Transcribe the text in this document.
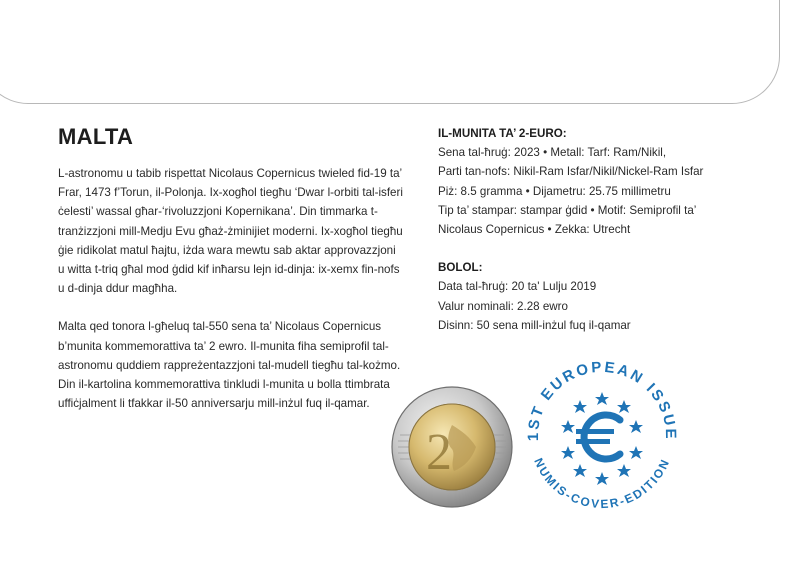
MALTA

L-astronomu u tabib rispettat Nicolaus Copernicus twieled fid-19 ta’ Frar, 1473 f’Torun, il-Polonja. Ix-xogħol tiegħu ‘Dwar l-orbiti tal-isferi ċelesti’ wassal għar-‘rivoluzzjoni Kopernikana’. Din timmarka t-tranżizzjoni mill-Medju Evu għaż-żminijiet moderni. Ix-xogħol tiegħu ġie ridikolat matul ħajtu, iżda wara mewtu sab aktar approvazzjoni u witta t-triq għal mod ġdid kif inħarsu lejn id-dinja: ix-xemx fin-nofs u d-dinja ddur magħha.

Malta qed tonora l-għeluq tal-550 sena ta’ Nicolaus Copernicus b’munita kommemorattiva ta’ 2 ewro. Il-munita fiha semiprofil tal-astronomu quddiem rappreżentazzjoni tal-mudell tiegħu tal-kożmo. Din il-kartolina kommemorattiva tinkludi l-munita u bolla ttimbrata uffiċjalment li tfakkar il-50 anniversarju mill-inżul fuq il-qamar.

IL-MUNITA TA’ 2-EURO:

Sena tal-ħruġ: 2023 • Metall: Tarf: Ram/Nikil,

Parti tan-nofs: Nikil-Ram Isfar/Nikil/Nickel-Ram Isfar

Piż: 8.5 gramma • Dijametru: 25.75 millimetru

Tip ta’ stampar: stampar ġdid • Motif: Semiprofil ta’

Nicolaus Copernicus • Zekka: Utrecht

BOLOL:

Data tal-ħruġ: 20 ta' Lulju 2019

Valur nominali: 2.28 ewro

Disinn: 50 sena mill-inżul fuq il-qamar

2	1ST EUROPEAN ISSUE
NUMIS-COVER-EDITION
